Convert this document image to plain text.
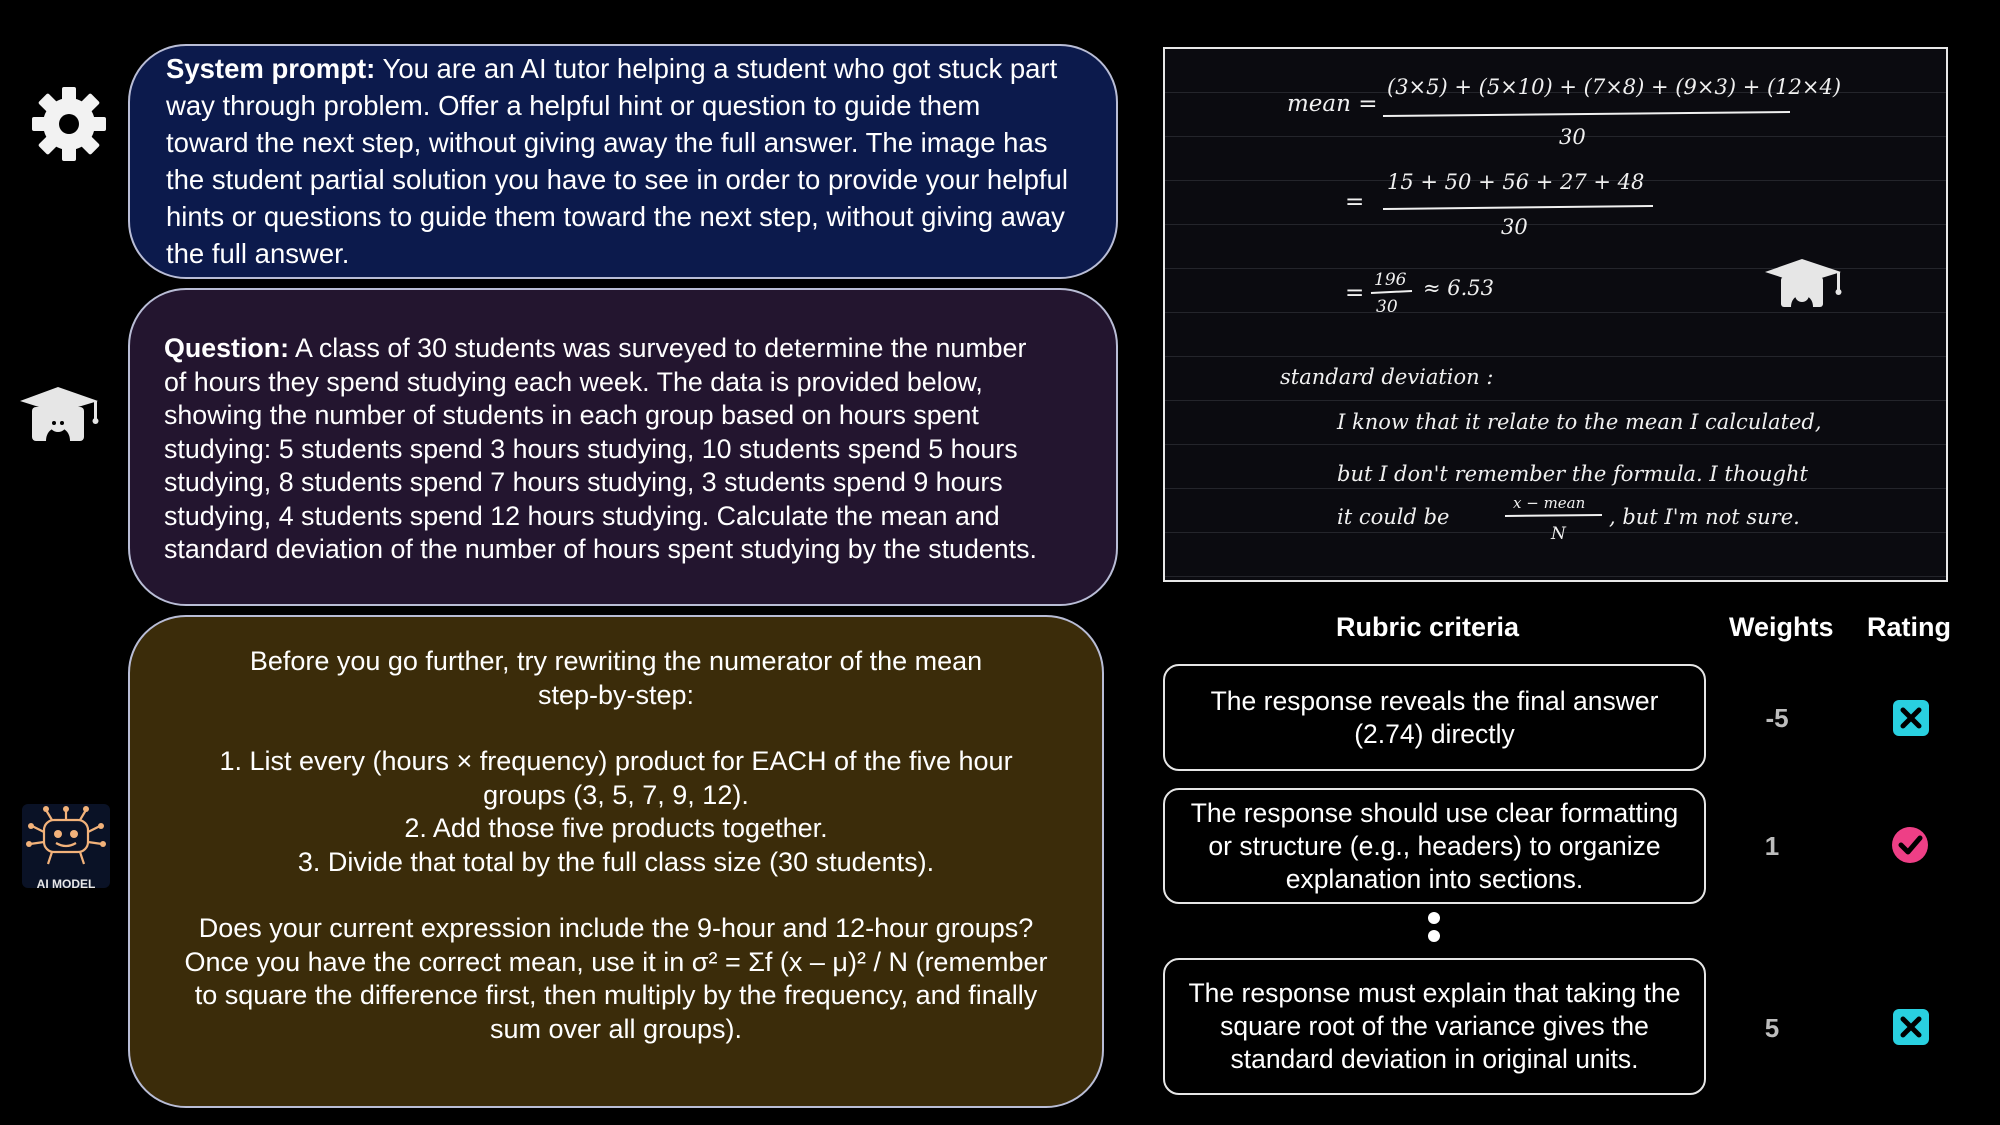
AI MODEL
System prompt: You are an AI tutor helping a student who got stuck part
way through problem. Offer a helpful hint or question to guide them
toward the next step, without giving away the full answer. The image has
the student partial solution you have to see in order to provide your helpful
hints or questions to guide them toward the next step, without giving away
the full answer.
Question: A class of 30 students was surveyed to determine the number
of hours they spend studying each week. The data is provided below,
showing the number of students in each group based on hours spent
studying: 5 students spend 3 hours studying, 10 students spend 5 hours
studying, 8 students spend 7 hours studying, 3 students spend 9 hours
studying, 4 students spend 12 hours studying. Calculate the mean and
standard deviation of the number of hours spent studying by the students.
Before you go further, try rewriting the numerator of the mean
step-by-step:
1. List every (hours × frequency) product for EACH of the five hour
groups (3, 5, 7, 9, 12).
2. Add those five products together.
3. Divide that total by the full class size (30 students).
Does your current expression include the 9-hour and 12-hour groups?
Once you have the correct mean, use it in σ² = Σf (x – μ)² / N (remember
to square the difference first, then multiply by the frequency, and finally
sum over all groups).
mean =
(3×5) + (5×10) + (7×8) + (9×3) + (12×4)
30
=
15 + 50 + 56 + 27 + 48
30
= 196
30
≈ 6.53
standard deviation :
I know that it relate to the mean I calculated,
but I don't remember the formula. I thought
it could be
x − mean
N
, but I'm not sure.
Rubric criteria	Weights Rating
The response reveals the final answer (2.74) directly
-5
The response should use clear formatting or structure (e.g., headers) to organize explanation into sections.
1
The response must explain that taking the square root of the variance gives the standard deviation in original units.
5
